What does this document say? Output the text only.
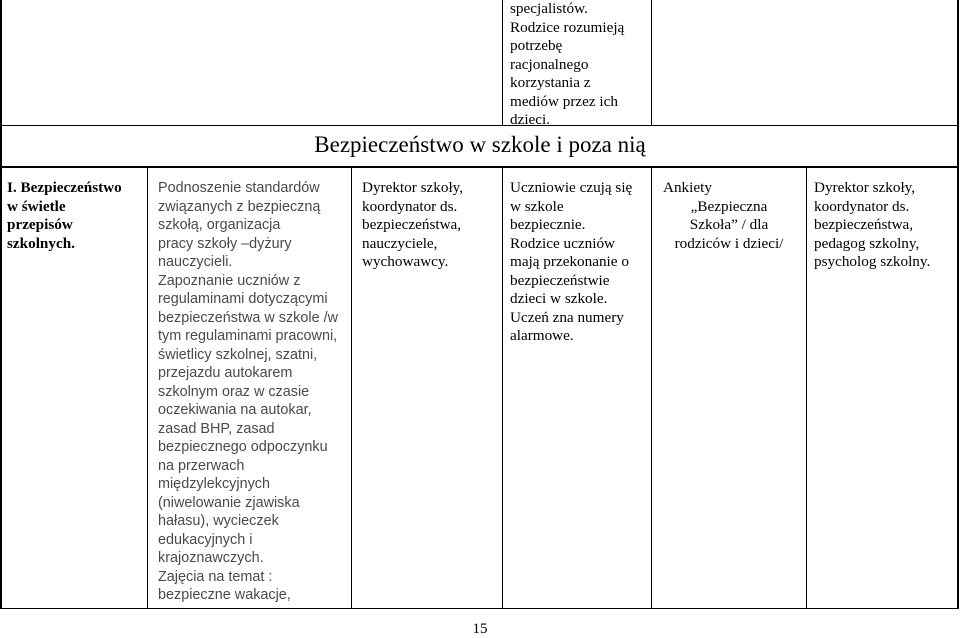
specjalistów.

Rodzice rozumieją

potrzebę

racjonalnego

korzystania z

mediów przez ich

dzieci.

Bezpieczeństwo w szkole i poza nią

I. Bezpieczeństwo

w świetle

przepisów

szkolnych.

Podnoszenie standardów

związanych z bezpieczną

szkołą, organizacja

pracy szkoły –dyżury

nauczycieli.

Zapoznanie uczniów z

regulaminami dotyczącymi

bezpieczeństwa w szkole /w

tym regulaminami pracowni,

świetlicy szkolnej, szatni,

przejazdu autokarem

szkolnym oraz w czasie

oczekiwania na autokar,

zasad BHP, zasad

bezpiecznego odpoczynku

na przerwach

międzylekcyjnych

(niwelowanie zjawiska

hałasu), wycieczek

edukacyjnych i

krajoznawczych.

Zajęcia na temat :

bezpieczne wakacje,

Dyrektor szkoły,

koordynator ds.

bezpieczeństwa,

nauczyciele,

wychowawcy.

Uczniowie czują się

w szkole

bezpiecznie.

Rodzice uczniów

mają przekonanie o

bezpieczeństwie

dzieci w szkole.

Uczeń zna numery

alarmowe.

Ankiety

„Bezpieczna

Szkoła” / dla

rodziców i dzieci/

Dyrektor szkoły,

koordynator ds.

bezpieczeństwa,

pedagog szkolny,

psycholog szkolny.

15
